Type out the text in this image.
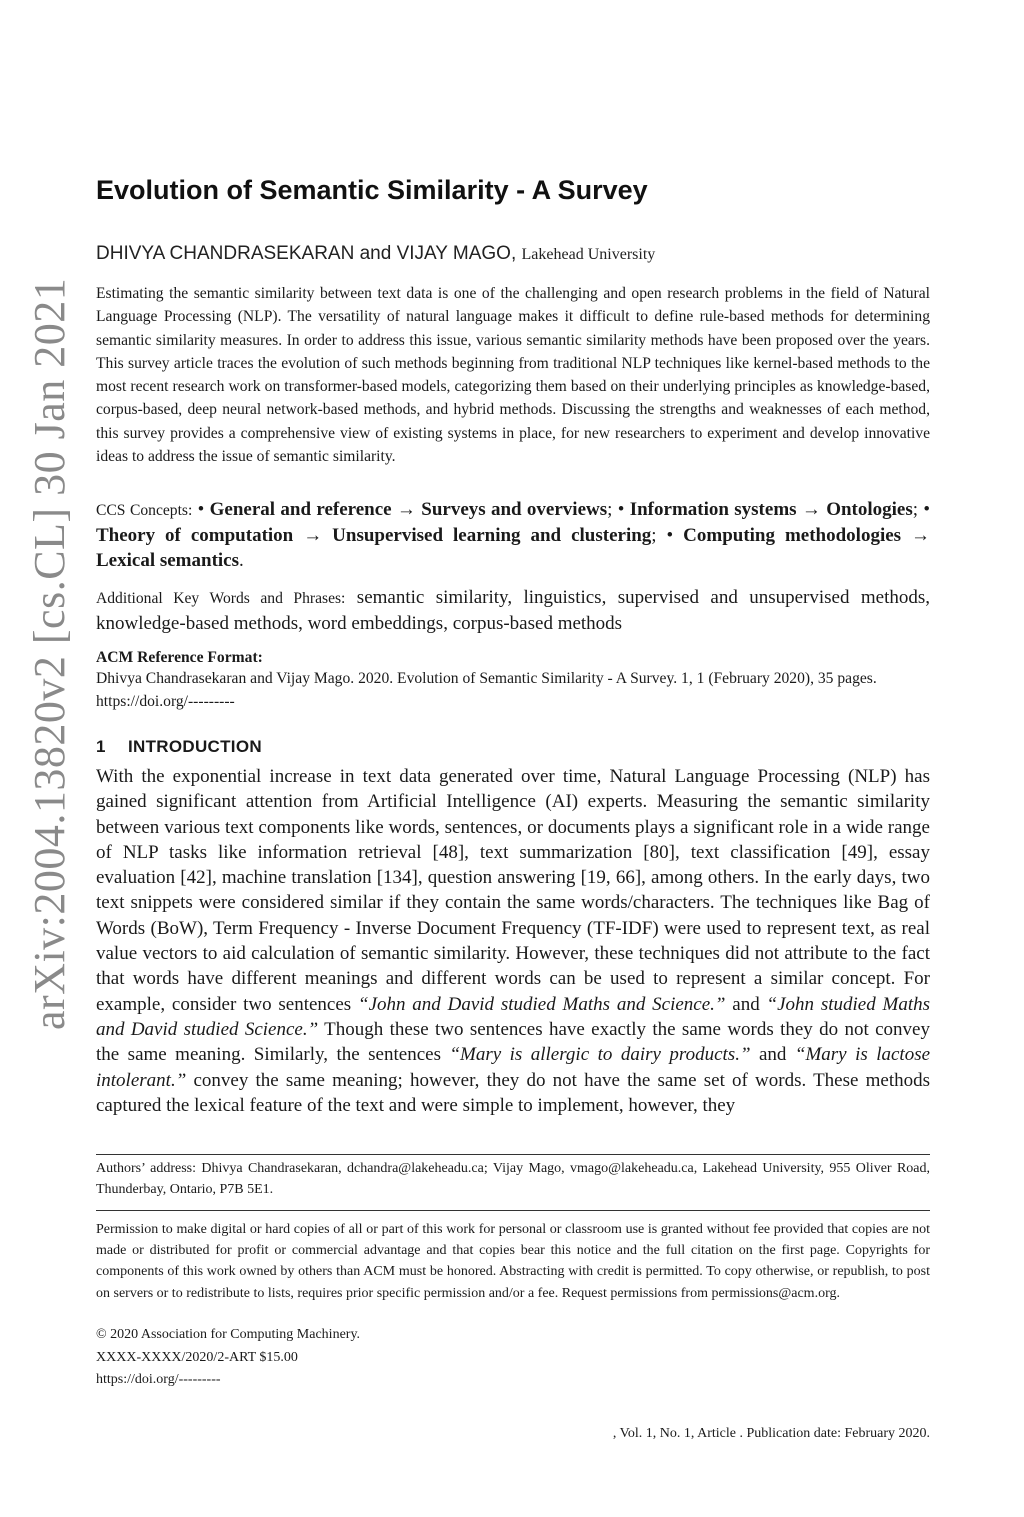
arXiv:2004.13820v2 [cs.CL] 30 Jan 2021
Evolution of Semantic Similarity - A Survey
DHIVYA CHANDRASEKARAN and VIJAY MAGO, Lakehead University

Estimating the semantic similarity between text data is one of the challenging and open research problems in the field of Natural Language Processing (NLP). The versatility of natural language makes it difficult to define rule-based methods for determining semantic similarity measures. In order to address this issue, various semantic similarity methods have been proposed over the years. This survey article traces the evolution of such methods beginning from traditional NLP techniques like kernel-based methods to the most recent research work on transformer-based models, categorizing them based on their underlying principles as knowledge-based, corpus-based, deep neural network-based methods, and hybrid methods. Discussing the strengths and weaknesses of each method, this survey provides a comprehensive view of existing systems in place, for new researchers to experiment and develop innovative ideas to address the issue of semantic similarity.

CCS Concepts: • General and reference → Surveys and overviews; • Information systems → Ontologies; • Theory of computation → Unsupervised learning and clustering; • Computing methodologies → Lexical semantics.

Additional Key Words and Phrases: semantic similarity, linguistics, supervised and unsupervised methods, knowledge-based methods, word embeddings, corpus-based methods

ACM Reference Format:

Dhivya Chandrasekaran and Vijay Mago. 2020. Evolution of Semantic Similarity - A Survey. 1, 1 (February 2020), 35 pages. https://doi.org/---------

1 INTRODUCTION

With the exponential increase in text data generated over time, Natural Language Processing (NLP) has gained significant attention from Artificial Intelligence (AI) experts. Measuring the semantic similarity between various text components like words, sentences, or documents plays a significant role in a wide range of NLP tasks like information retrieval [48], text summarization [80], text classification [49], essay evaluation [42], machine translation [134], question answering [19, 66], among others. In the early days, two text snippets were considered similar if they contain the same words/characters. The techniques like Bag of Words (BoW), Term Frequency - Inverse Document Frequency (TF-IDF) were used to represent text, as real value vectors to aid calculation of semantic similarity. However, these techniques did not attribute to the fact that words have different meanings and different words can be used to represent a similar concept. For example, consider two sentences “John and David studied Maths and Science.” and “John studied Maths and David studied Science.” Though these two sentences have exactly the same words they do not convey the same meaning. Similarly, the sentences “Mary is allergic to dairy products.” and “Mary is lactose intolerant.” convey the same meaning; however, they do not have the same set of words. These methods captured the lexical feature of the text and were simple to implement, however, they

Authors’ address: Dhivya Chandrasekaran, dchandra@lakeheadu.ca; Vijay Mago, vmago@lakeheadu.ca, Lakehead University, 955 Oliver Road, Thunderbay, Ontario, P7B 5E1.

Permission to make digital or hard copies of all or part of this work for personal or classroom use is granted without fee provided that copies are not made or distributed for profit or commercial advantage and that copies bear this notice and the full citation on the first page. Copyrights for components of this work owned by others than ACM must be honored. Abstracting with credit is permitted. To copy otherwise, or republish, to post on servers or to redistribute to lists, requires prior specific permission and/or a fee. Request permissions from permissions@acm.org.

© 2020 Association for Computing Machinery.
XXXX-XXXX/2020/2-ART $15.00
https://doi.org/---------
, Vol. 1, No. 1, Article . Publication date: February 2020.
